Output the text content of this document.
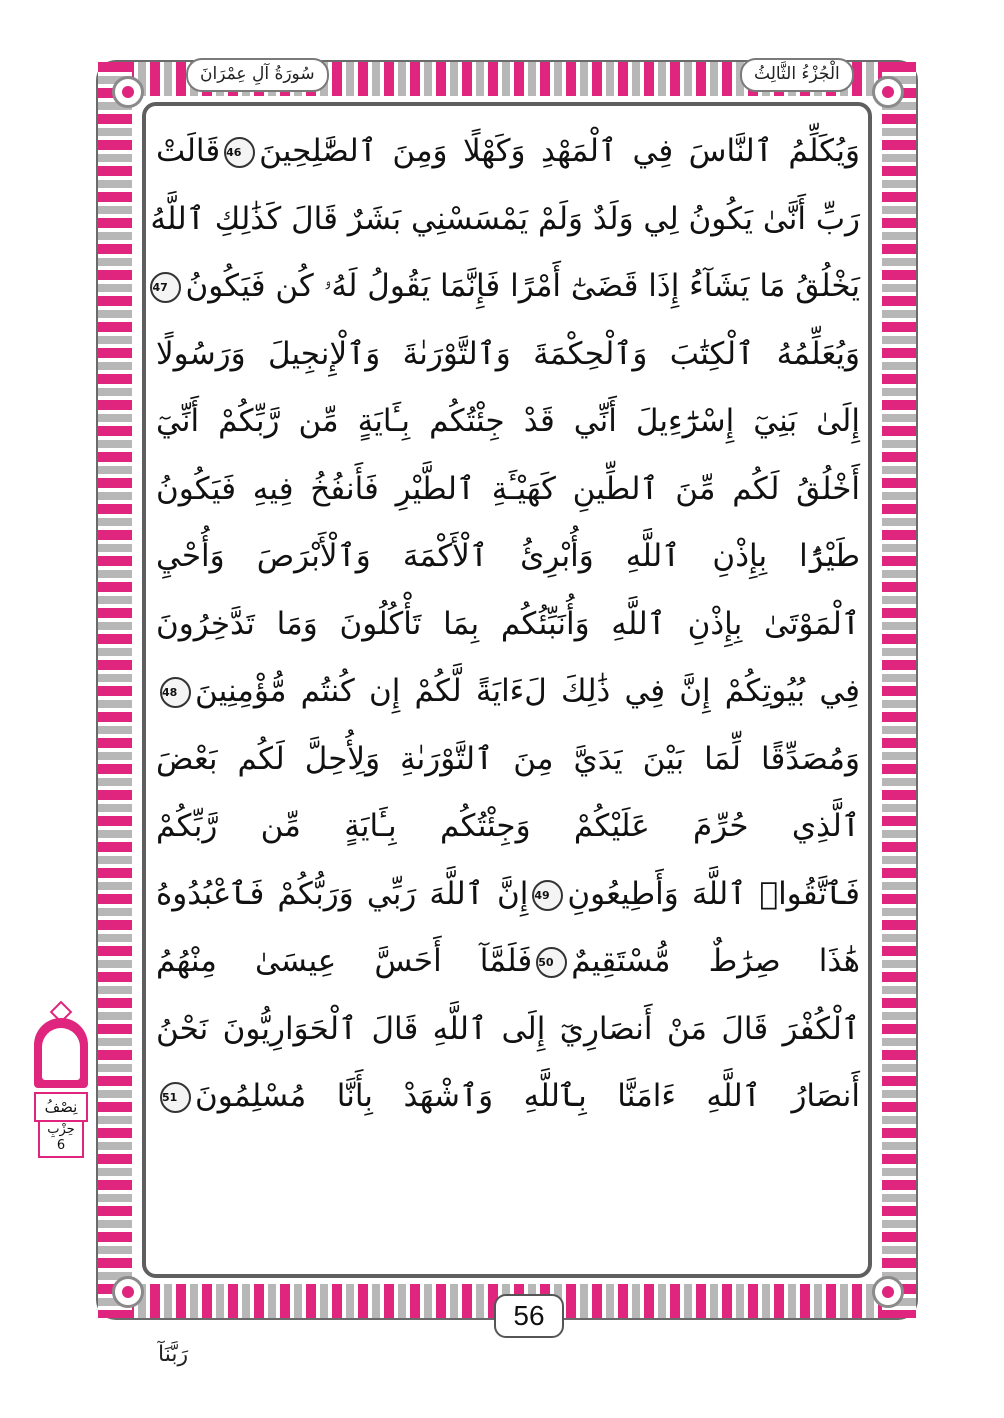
الْجُزْءُ الثَّالِثُ
سُورَةُ آلِ عِمْرَانَ
وَيُكَلِّمُ ٱلنَّاسَ فِي ٱلْمَهْدِ وَكَهْلًا وَمِنَ ٱلصَّٰلِحِينَ46قَالَتْ
رَبِّ أَنَّىٰ يَكُونُ لِي وَلَدٌ وَلَمْ يَمْسَسْنِي بَشَرٌ قَالَ كَذَٰلِكِ ٱللَّهُ
يَخْلُقُ مَا يَشَآءُ إِذَا قَضَىٰٓ أَمْرًا فَإِنَّمَا يَقُولُ لَهُۥ كُن فَيَكُونُ47
وَيُعَلِّمُهُ ٱلْكِتَٰبَ وَٱلْحِكْمَةَ وَٱلتَّوْرَىٰةَ وَٱلْإِنجِيلَ وَرَسُولًا
إِلَىٰ بَنِيٓ إِسْرَٰٓءِيلَ أَنِّي قَدْ جِئْتُكُم بِـَٔايَةٍ مِّن رَّبِّكُمْ أَنِّيٓ
أَخْلُقُ لَكُم مِّنَ ٱلطِّينِ كَهَيْـَٔةِ ٱلطَّيْرِ فَأَنفُخُ فِيهِ فَيَكُونُ
طَيْرًۢا بِإِذْنِ ٱللَّهِ وَأُبْرِئُ ٱلْأَكْمَهَ وَٱلْأَبْرَصَ وَأُحْيِ
ٱلْمَوْتَىٰ بِإِذْنِ ٱللَّهِ وَأُنَبِّئُكُم بِمَا تَأْكُلُونَ وَمَا تَدَّخِرُونَ
فِي بُيُوتِكُمْ إِنَّ فِي ذَٰلِكَ لَءَايَةً لَّكُمْ إِن كُنتُم مُّؤْمِنِينَ48
وَمُصَدِّقًا لِّمَا بَيْنَ يَدَيَّ مِنَ ٱلتَّوْرَىٰةِ وَلِأُحِلَّ لَكُم بَعْضَ
ٱلَّذِي حُرِّمَ عَلَيْكُمْ وَجِئْتُكُم بِـَٔايَةٍ مِّن رَّبِّكُمْ
فَٱتَّقُوا۟ ٱللَّهَ وَأَطِيعُونِ49إِنَّ ٱللَّهَ رَبِّي وَرَبُّكُمْ فَٱعْبُدُوهُ
هَٰذَا صِرَٰطٌ مُّسْتَقِيمٌ50فَلَمَّآ أَحَسَّ عِيسَىٰ مِنْهُمُ
ٱلْكُفْرَ قَالَ مَنْ أَنصَارِيٓ إِلَى ٱللَّهِ قَالَ ٱلْحَوَارِيُّونَ نَحْنُ
أَنصَارُ ٱللَّهِ ءَامَنَّا بِٱللَّهِ وَٱشْهَدْ بِأَنَّا مُسْلِمُونَ51
56
نِصْفُ
حِزْبِ
6
رَبَّنَآ
